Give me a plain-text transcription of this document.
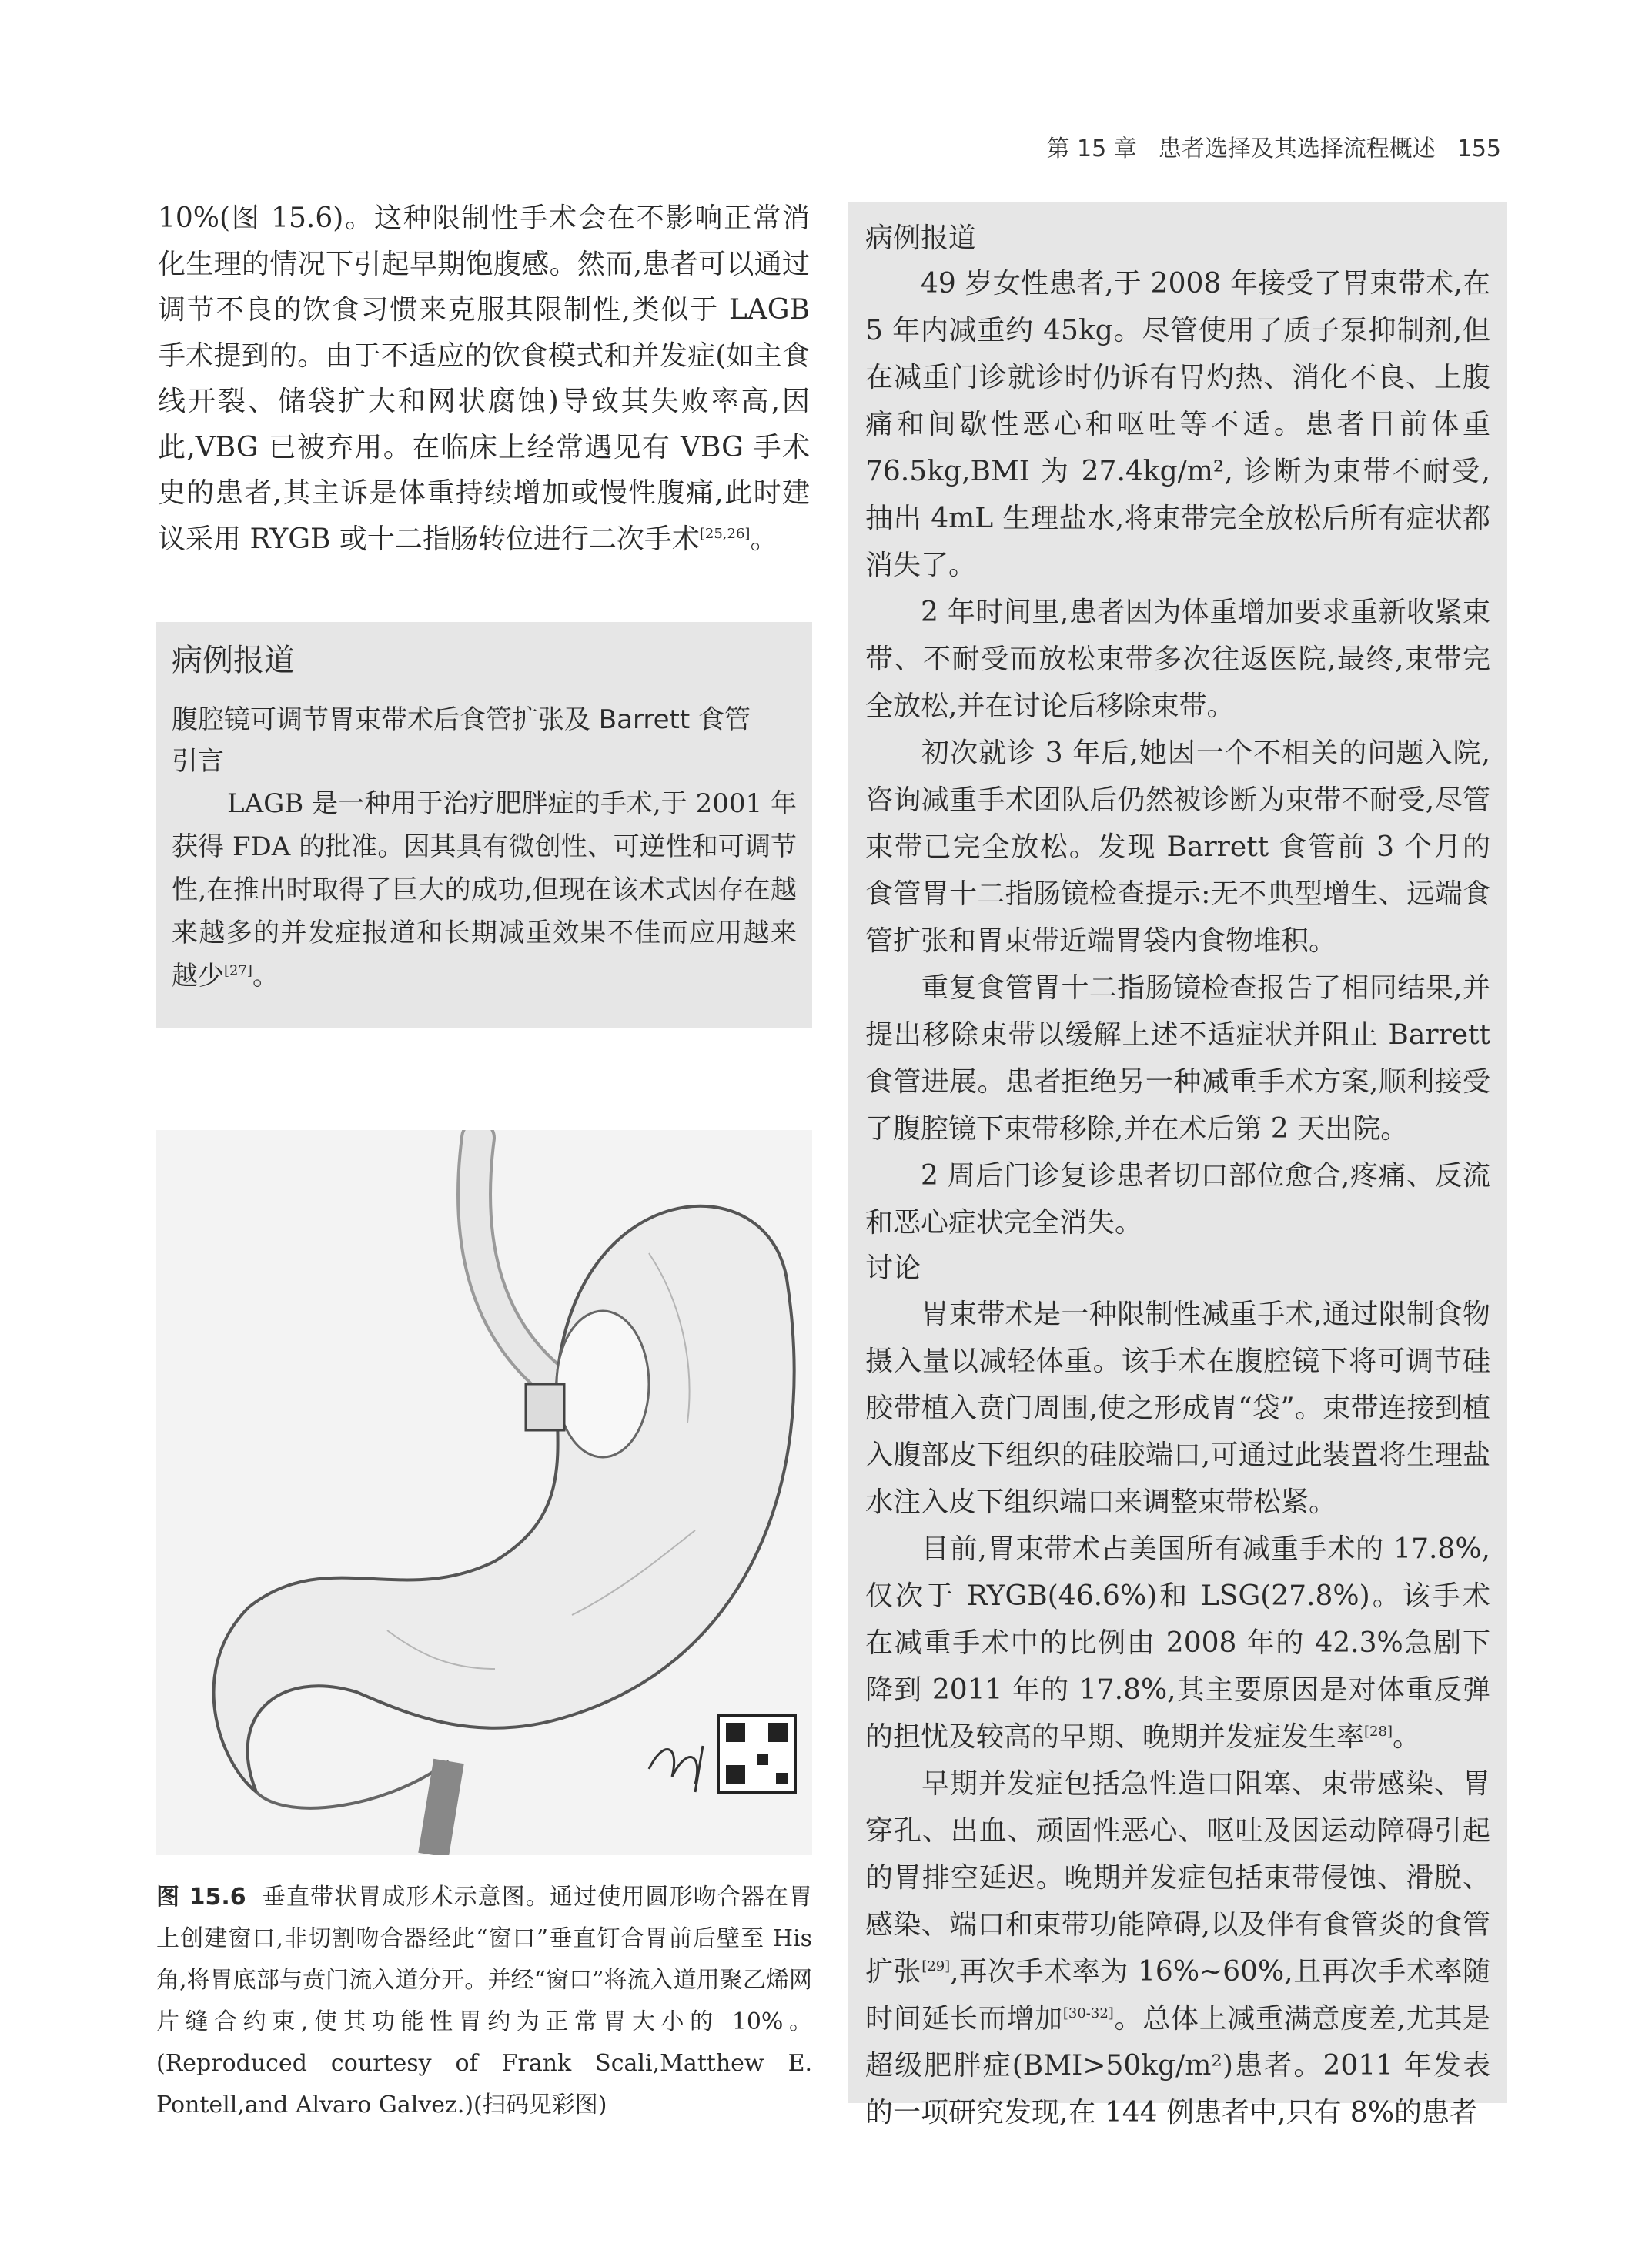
第 15 章 患者选择及其选择流程概述 155

10%(图 15.6)。这种限制性手术会在不影响正常消化生理的情况下引起早期饱腹感。然而,患者可以通过调节不良的饮食习惯来克服其限制性,类似于 LAGB 手术提到的。由于不适应的饮食模式和并发症(如主食线开裂、储袋扩大和网状腐蚀)导致其失败率高,因此,VBG 已被弃用。在临床上经常遇见有 VBG 手术史的患者,其主诉是体重持续增加或慢性腹痛,此时建议采用 RYGB 或十二指肠转位进行二次手术[25,26]。

病例报道

腹腔镜可调节胃束带术后食管扩张及 Barrett 食管

引言

LAGB 是一种用于治疗肥胖症的手术,于 2001 年获得 FDA 的批准。因其具有微创性、可逆性和可调节性,在推出时取得了巨大的成功,但现在该术式因存在越来越多的并发症报道和长期减重效果不佳而应用越来越少[27]。

图 15.6 垂直带状胃成形术示意图。通过使用圆形吻合器在胃上创建窗口,非切割吻合器经此“窗口”垂直钉合胃前后壁至 His 角,将胃底部与贲门流入道分开。并经“窗口”将流入道用聚乙烯网片缝合约束,使其功能性胃约为正常胃大小的 10%。(Reproduced courtesy of Frank Scali,Matthew E. Pontell,and Alvaro Galvez.)(扫码见彩图)

病例报道

49 岁女性患者,于 2008 年接受了胃束带术,在 5 年内减重约 45kg。尽管使用了质子泵抑制剂,但在减重门诊就诊时仍诉有胃灼热、消化不良、上腹痛和间歇性恶心和呕吐等不适。患者目前体重 76.5kg,BMI 为 27.4kg/m², 诊断为束带不耐受,抽出 4mL 生理盐水,将束带完全放松后所有症状都消失了。

2 年时间里,患者因为体重增加要求重新收紧束带、不耐受而放松束带多次往返医院,最终,束带完全放松,并在讨论后移除束带。

初次就诊 3 年后,她因一个不相关的问题入院,咨询减重手术团队后仍然被诊断为束带不耐受,尽管束带已完全放松。发现 Barrett 食管前 3 个月的食管胃十二指肠镜检查提示:无不典型增生、远端食管扩张和胃束带近端胃袋内食物堆积。

重复食管胃十二指肠镜检查报告了相同结果,并提出移除束带以缓解上述不适症状并阻止 Barrett 食管进展。患者拒绝另一种减重手术方案,顺利接受了腹腔镜下束带移除,并在术后第 2 天出院。

2 周后门诊复诊患者切口部位愈合,疼痛、反流和恶心症状完全消失。

讨论

胃束带术是一种限制性减重手术,通过限制食物摄入量以减轻体重。该手术在腹腔镜下将可调节硅胶带植入贲门周围,使之形成胃“袋”。束带连接到植入腹部皮下组织的硅胶端口,可通过此装置将生理盐水注入皮下组织端口来调整束带松紧。

目前,胃束带术占美国所有减重手术的 17.8%,仅次于 RYGB(46.6%)和 LSG(27.8%)。该手术在减重手术中的比例由 2008 年的 42.3%急剧下降到 2011 年的 17.8%,其主要原因是对体重反弹的担忧及较高的早期、晚期并发症发生率[28]。

早期并发症包括急性造口阻塞、束带感染、胃穿孔、出血、顽固性恶心、呕吐及因运动障碍引起的胃排空延迟。晚期并发症包括束带侵蚀、滑脱、感染、端口和束带功能障碍,以及伴有食管炎的食管扩张[29],再次手术率为 16%~60%,且再次手术率随时间延长而增加[30-32]。总体上减重满意度差,尤其是超级肥胖症(BMI>50kg/m²)患者。2011 年发表的一项研究发现,在 144 例患者中,只有 8%的患者
